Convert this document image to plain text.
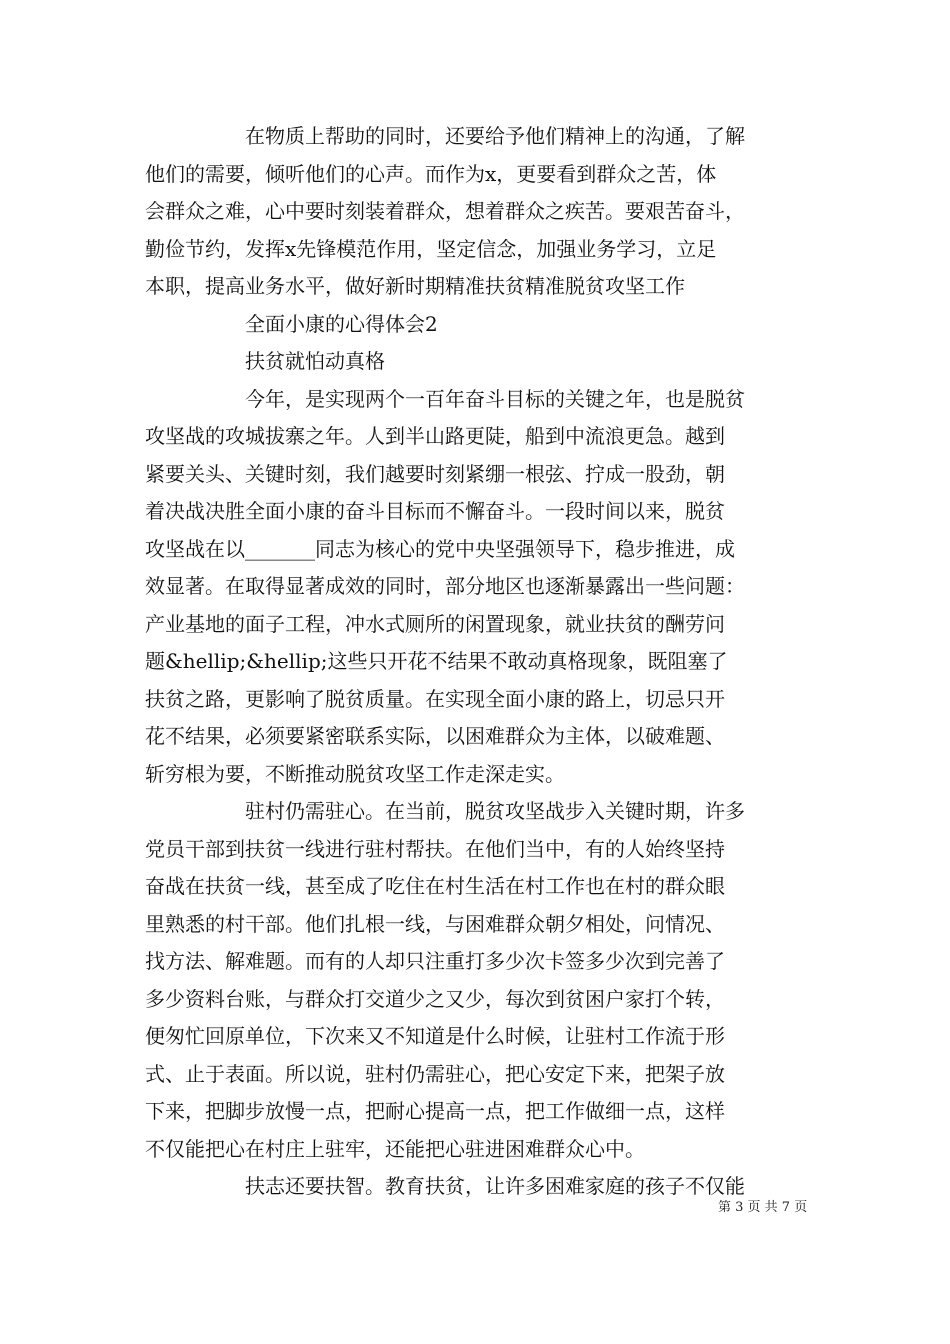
在物质上帮助的同时，还要给予他们精神上的沟通，了解
他们的需要，倾听他们的心声。而作为x，更要看到群众之苦，体
会群众之难，心中要时刻装着群众，想着群众之疾苦。要艰苦奋斗，
勤俭节约，发挥x先锋模范作用，坚定信念，加强业务学习，立足
本职，提高业务水平，做好新时期精准扶贫精准脱贫攻坚工作
全面小康的心得体会2
扶贫就怕动真格
今年，是实现两个一百年奋斗目标的关键之年，也是脱贫
攻坚战的攻城拔寨之年。人到半山路更陡，船到中流浪更急。越到
紧要关头、关键时刻，我们越要时刻紧绷一根弦、拧成一股劲，朝
着决战决胜全面小康的奋斗目标而不懈奋斗。一段时间以来，脱贫
攻坚战在以_______同志为核心的党中央坚强领导下，稳步推进，成
效显著。在取得显著成效的同时，部分地区也逐渐暴露出一些问题：
产业基地的面子工程，冲水式厕所的闲置现象，就业扶贫的酬劳问
题&hellip;&hellip;这些只开花不结果不敢动真格现象，既阻塞了
扶贫之路，更影响了脱贫质量。在实现全面小康的路上，切忌只开
花不结果，必须要紧密联系实际，以困难群众为主体，以破难题、
斩穷根为要，不断推动脱贫攻坚工作走深走实。
驻村仍需驻心。在当前，脱贫攻坚战步入关键时期，许多
党员干部到扶贫一线进行驻村帮扶。在他们当中，有的人始终坚持
奋战在扶贫一线，甚至成了吃住在村生活在村工作也在村的群众眼
里熟悉的村干部。他们扎根一线，与困难群众朝夕相处，问情况、
找方法、解难题。而有的人却只注重打多少次卡签多少次到完善了
多少资料台账，与群众打交道少之又少，每次到贫困户家打个转，
便匆忙回原单位，下次来又不知道是什么时候，让驻村工作流于形
式、止于表面。所以说，驻村仍需驻心，把心安定下来，把架子放
下来，把脚步放慢一点，把耐心提高一点，把工作做细一点，这样
不仅能把心在村庄上驻牢，还能把心驻进困难群众心中。
扶志还要扶智。教育扶贫，让许多困难家庭的孩子不仅能
第 3 页 共 7 页
